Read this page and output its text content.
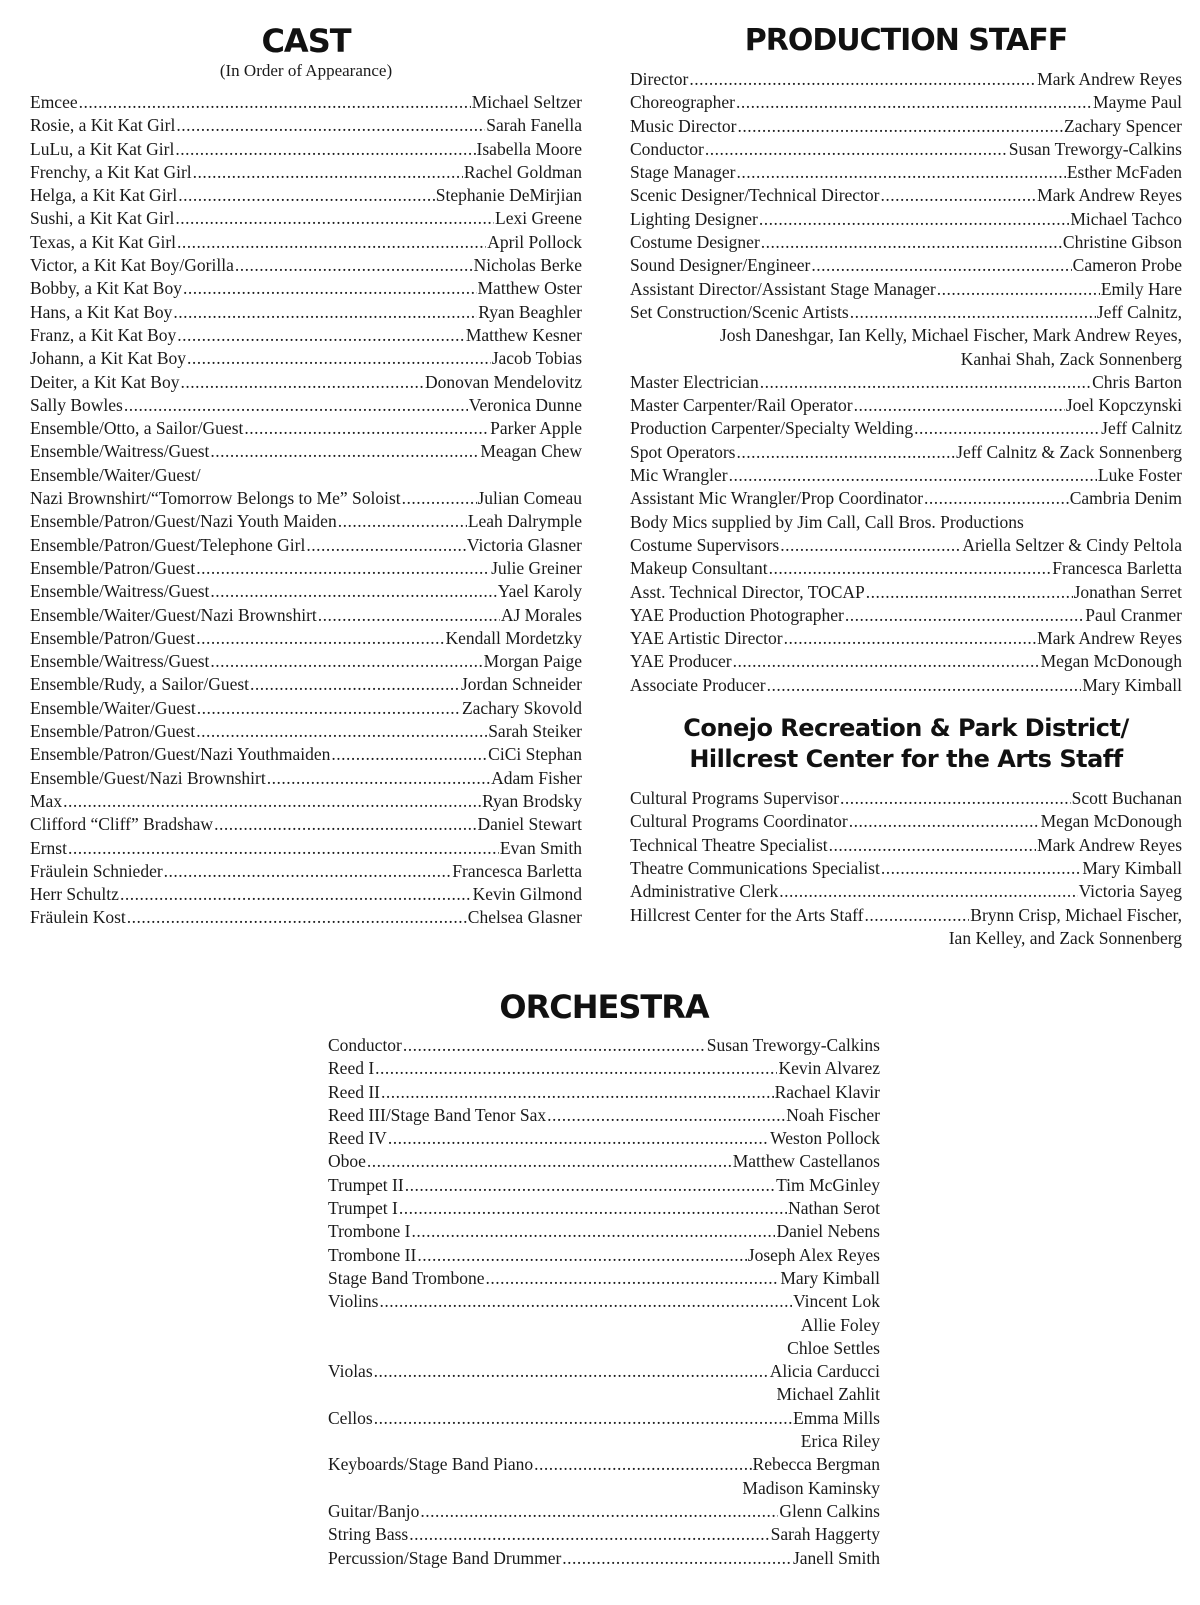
CAST
(In Order of Appearance)
Emcee .....	Michael Seltzer
Rosie, a Kit Kat Girl .....	Sarah Fanella
LuLu, a Kit Kat Girl .....	Isabella Moore
Frenchy, a Kit Kat Girl .....	Rachel Goldman
Helga, a Kit Kat Girl .....	Stephanie DeMirjian
Sushi, a Kit Kat Girl .....	Lexi Greene
Texas, a Kit Kat Girl .....	April Pollock
Victor, a Kit Kat Boy/Gorilla .....	Nicholas Berke
Bobby, a Kit Kat Boy .....	Matthew Oster
Hans, a Kit Kat Boy .....	Ryan Beaghler
Franz, a Kit Kat Boy .....	Matthew Kesner
Johann, a Kit Kat Boy .....	Jacob Tobias
Deiter, a Kit Kat Boy .....	Donovan Mendelovitz
Sally Bowles .....	Veronica Dunne
Ensemble/Otto, a Sailor/Guest .....	Parker Apple
Ensemble/Waitress/Guest .....	Meagan Chew
Ensemble/Waiter/Guest/
Nazi Brownshirt/“Tomorrow Belongs to Me” Soloist .....	Julian Comeau
Ensemble/Patron/Guest/Nazi Youth Maiden .....	Leah Dalrymple
Ensemble/Patron/Guest/Telephone Girl .....	Victoria Glasner
Ensemble/Patron/Guest .....	Julie Greiner
Ensemble/Waitress/Guest .....	Yael Karoly
Ensemble/Waiter/Guest/Nazi Brownshirt .....	AJ Morales
Ensemble/Patron/Guest .....	Kendall Mordetzky
Ensemble/Waitress/Guest .....	Morgan Paige
Ensemble/Rudy, a Sailor/Guest .....	Jordan Schneider
Ensemble/Waiter/Guest .....	Zachary Skovold
Ensemble/Patron/Guest .....	Sarah Steiker
Ensemble/Patron/Guest/Nazi Youthmaiden .....	CiCi Stephan
Ensemble/Guest/Nazi Brownshirt .....	Adam Fisher
Max .....	Ryan Brodsky
Clifford “Cliff” Bradshaw .....	Daniel Stewart
Ernst .....	Evan Smith
Fräulein Schnieder .....	Francesca Barletta
Herr Schultz .....	Kevin Gilmond
Fräulein Kost .....	Chelsea Glasner
PRODUCTION STAFF
Director .....	Mark Andrew Reyes
Choreographer .....	Mayme Paul
Music Director .....	Zachary Spencer
Conductor .....	Susan Treworgy-Calkins
Stage Manager .....	Esther McFaden
Scenic Designer/Technical Director .....	Mark Andrew Reyes
Lighting Designer .....	Michael Tachco
Costume Designer .....	Christine Gibson
Sound Designer/Engineer .....	Cameron Probe
Assistant Director/Assistant Stage Manager .....	Emily Hare
Set Construction/Scenic Artists .....	Jeff Calnitz,
Josh Daneshgar, Ian Kelly, Michael Fischer, Mark Andrew Reyes,
Kanhai Shah, Zack Sonnenberg
Master Electrician .....	Chris Barton
Master Carpenter/Rail Operator .....	Joel Kopczynski
Production Carpenter/Specialty Welding .....	Jeff Calnitz
Spot Operators .....	Jeff Calnitz & Zack Sonnenberg
Mic Wrangler .....	Luke Foster
Assistant Mic Wrangler/Prop Coordinator .....	Cambria Denim
Body Mics supplied by Jim Call, Call Bros. Productions
Costume Supervisors .....	Ariella Seltzer & Cindy Peltola
Makeup Consultant .....	Francesca Barletta
Asst. Technical Director, TOCAP .....	Jonathan Serret
YAE Production Photographer .....	Paul Cranmer
YAE Artistic Director .....	Mark Andrew Reyes
YAE Producer .....	Megan McDonough
Associate Producer .....	Mary Kimball
Conejo Recreation & Park District/
Hillcrest Center for the Arts Staff
Cultural Programs Supervisor .....	Scott Buchanan
Cultural Programs Coordinator .....	Megan McDonough
Technical Theatre Specialist .....	Mark Andrew Reyes
Theatre Communications Specialist .....	Mary Kimball
Administrative Clerk .....	Victoria Sayeg
Hillcrest Center for the Arts Staff .....	Brynn Crisp, Michael Fischer,
Ian Kelley, and Zack Sonnenberg
ORCHESTRA
Conductor .....	Susan Treworgy-Calkins
Reed I .....	Kevin Alvarez
Reed II .....	Rachael Klavir
Reed III/Stage Band Tenor Sax .....	Noah Fischer
Reed IV .....	Weston Pollock
Oboe .....	Matthew Castellanos
Trumpet II .....	Tim McGinley
Trumpet I .....	Nathan Serot
Trombone I .....	Daniel Nebens
Trombone II .....	Joseph Alex Reyes
Stage Band Trombone .....	Mary Kimball
Violins .....	Vincent Lok
Allie Foley
Chloe Settles
Violas .....	Alicia Carducci
Michael Zahlit
Cellos .....	Emma Mills
Erica Riley
Keyboards/Stage Band Piano .....	Rebecca Bergman
Madison Kaminsky
Guitar/Banjo .....	Glenn Calkins
String Bass .....	Sarah Haggerty
Percussion/Stage Band Drummer .....	Janell Smith
